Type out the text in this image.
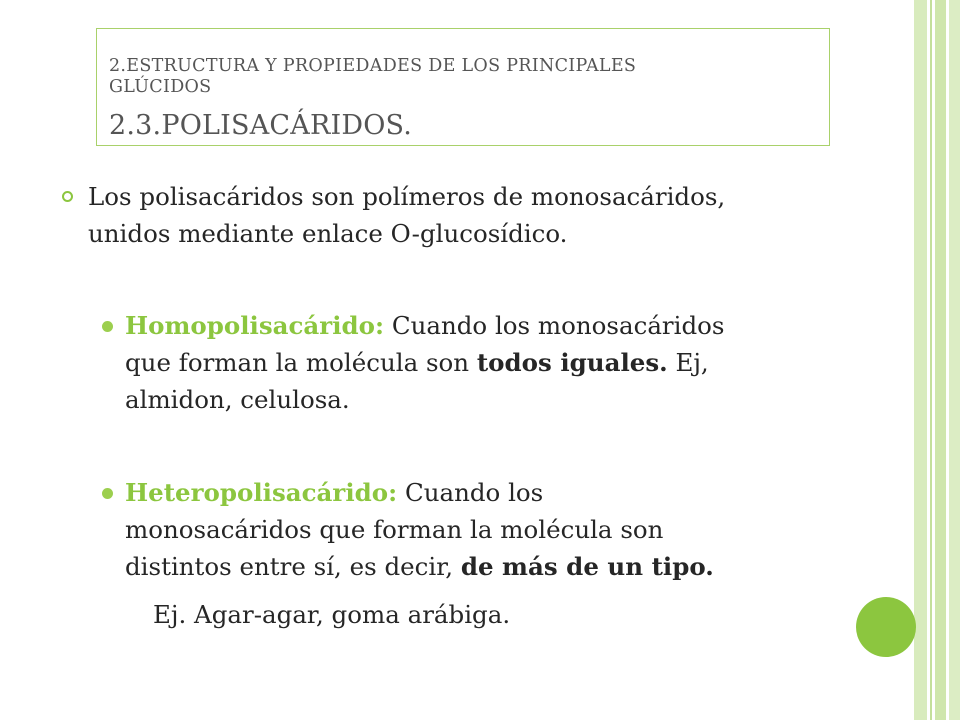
2.ESTRUCTURA Y PROPIEDADES DE LOS PRINCIPALES
GLÚCIDOS

2.3.POLISACÁRIDOS.

Los polisacáridos son polímeros de monosacáridos,
unidos mediante enlace O-glucosídico.

Homopolisacárido: Cuando los monosacáridos
que forman la molécula son todos iguales. Ej,
almidon, celulosa.

Heteropolisacárido: Cuando los
monosacáridos que forman la molécula son
distintos entre sí, es decir, de más de un tipo.

Ej. Agar-agar, goma arábiga.
